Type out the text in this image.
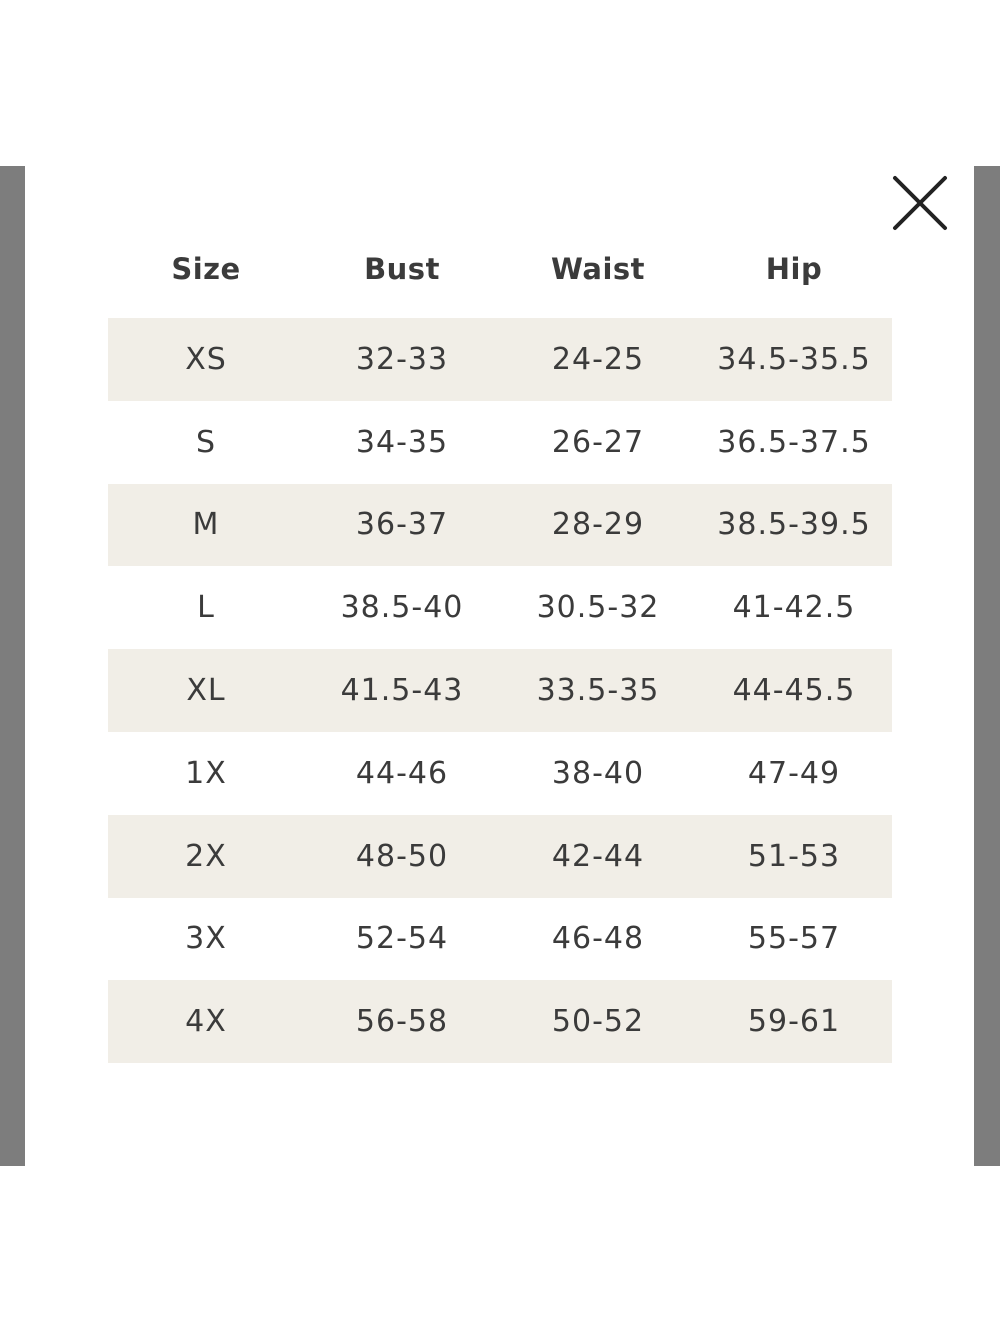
Size	Bust	Waist	Hip
XS	32-33	24-25	34.5-35.5
S	34-35	26-27	36.5-37.5
M	36-37	28-29	38.5-39.5
L	38.5-40	30.5-32	41-42.5
XL	41.5-43	33.5-35	44-45.5
1X	44-46	38-40	47-49
2X	48-50	42-44	51-53
3X	52-54	46-48	55-57
4X	56-58	50-52	59-61
